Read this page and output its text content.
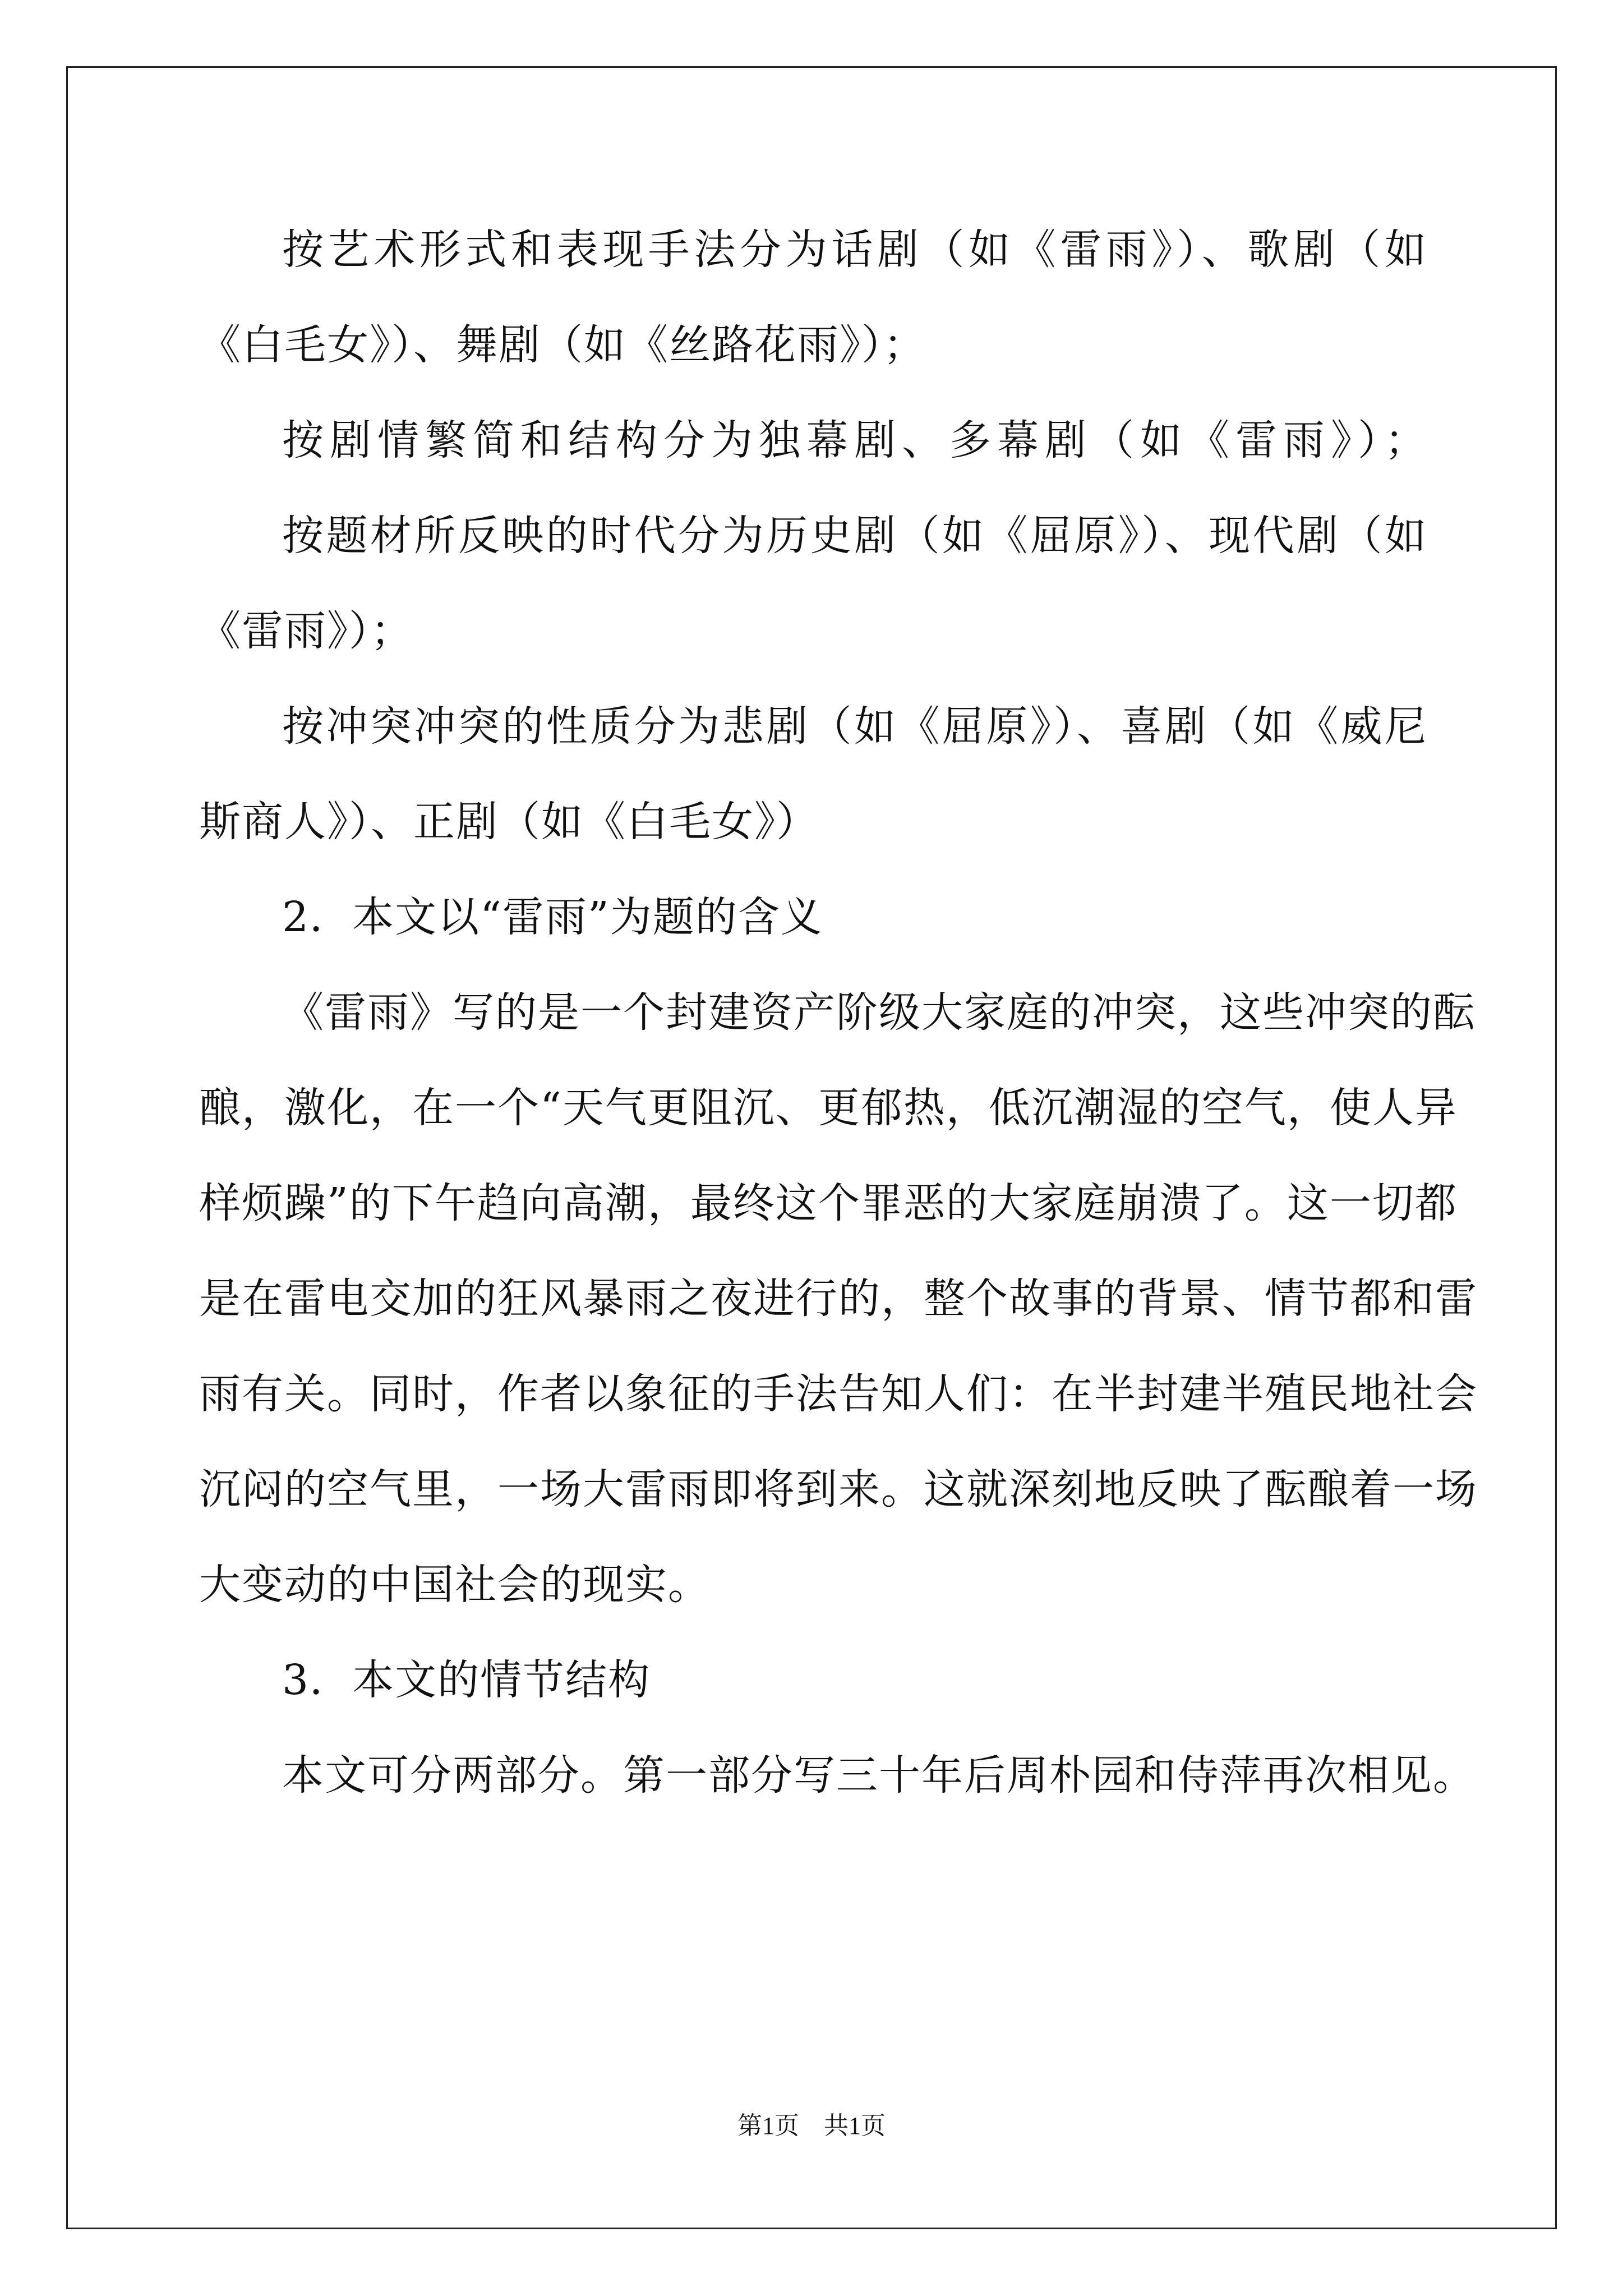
按艺术形式和表现手法分为话剧（如《雷雨》）、歌剧（如
《白毛女》）、舞剧（如《丝路花雨》）；
按剧情繁简和结构分为独幕剧、多幕剧（如《雷雨》）；
按题材所反映的时代分为历史剧（如《屈原》）、现代剧（如
《雷雨》）；
按冲突冲突的性质分为悲剧（如《屈原》）、喜剧（如《威尼
斯商人》）、正剧（如《白毛女》）
2．本文以“雷雨”为题的含义
《雷雨》写的是一个封建资产阶级大家庭的冲突，这些冲突的酝
酿，激化，在一个“天气更阻沉、更郁热，低沉潮湿的空气，使人异
样烦躁”的下午趋向高潮，最终这个罪恶的大家庭崩溃了。这一切都
是在雷电交加的狂风暴雨之夜进行的，整个故事的背景、情节都和雷
雨有关。同时，作者以象征的手法告知人们：在半封建半殖民地社会
沉闷的空气里，一场大雷雨即将到来。这就深刻地反映了酝酿着一场
大变动的中国社会的现实。
3．本文的情节结构
本文可分两部分。第一部分写三十年后周朴园和侍萍再次相见。
第1页　共1页
